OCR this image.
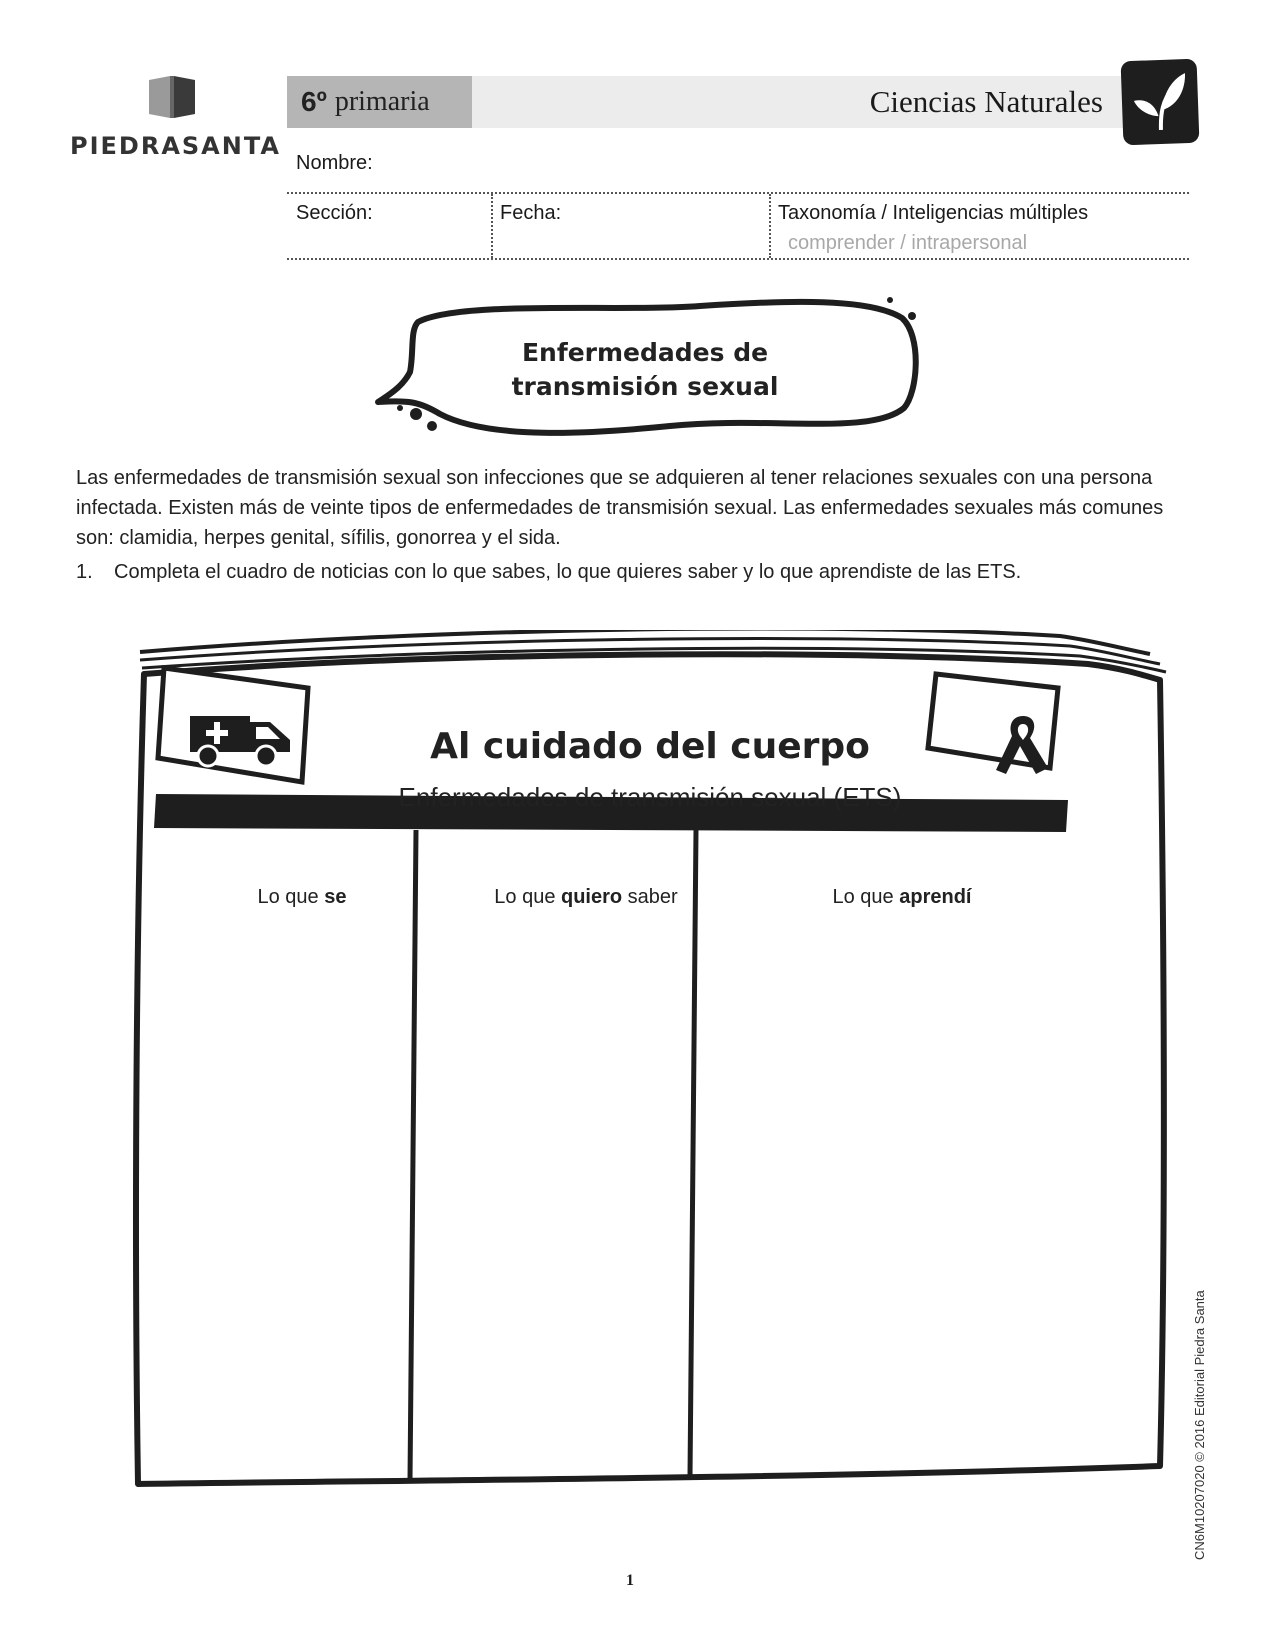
PIEDRASANTA
6º primaria	Ciencias Naturales
Nombre:
Sección:	Fecha:	Taxonomía / Inteligencias múltiples
comprender / intrapersonal
Enfermedades de
transmisión sexual
Las enfermedades de transmisión sexual son infecciones que se adquieren al tener relaciones sexuales con una persona infectada. Existen más de veinte tipos de enfermedades de transmisión sexual. Las enfermedades sexuales más comunes son: clamidia, herpes genital, sífilis, gonorrea y el sida.
1. Completa el cuadro de noticias con lo que sabes, lo que quieres saber y lo que aprendiste de las ETS.
Al cuidado del cuerpo
Enfermedades de transmisión sexual (ETS)
S	Q	A
Lo que se	Lo que quiero saber	Lo que aprendí
1
CN6M10207020 © 2016 Editorial Piedra Santa
